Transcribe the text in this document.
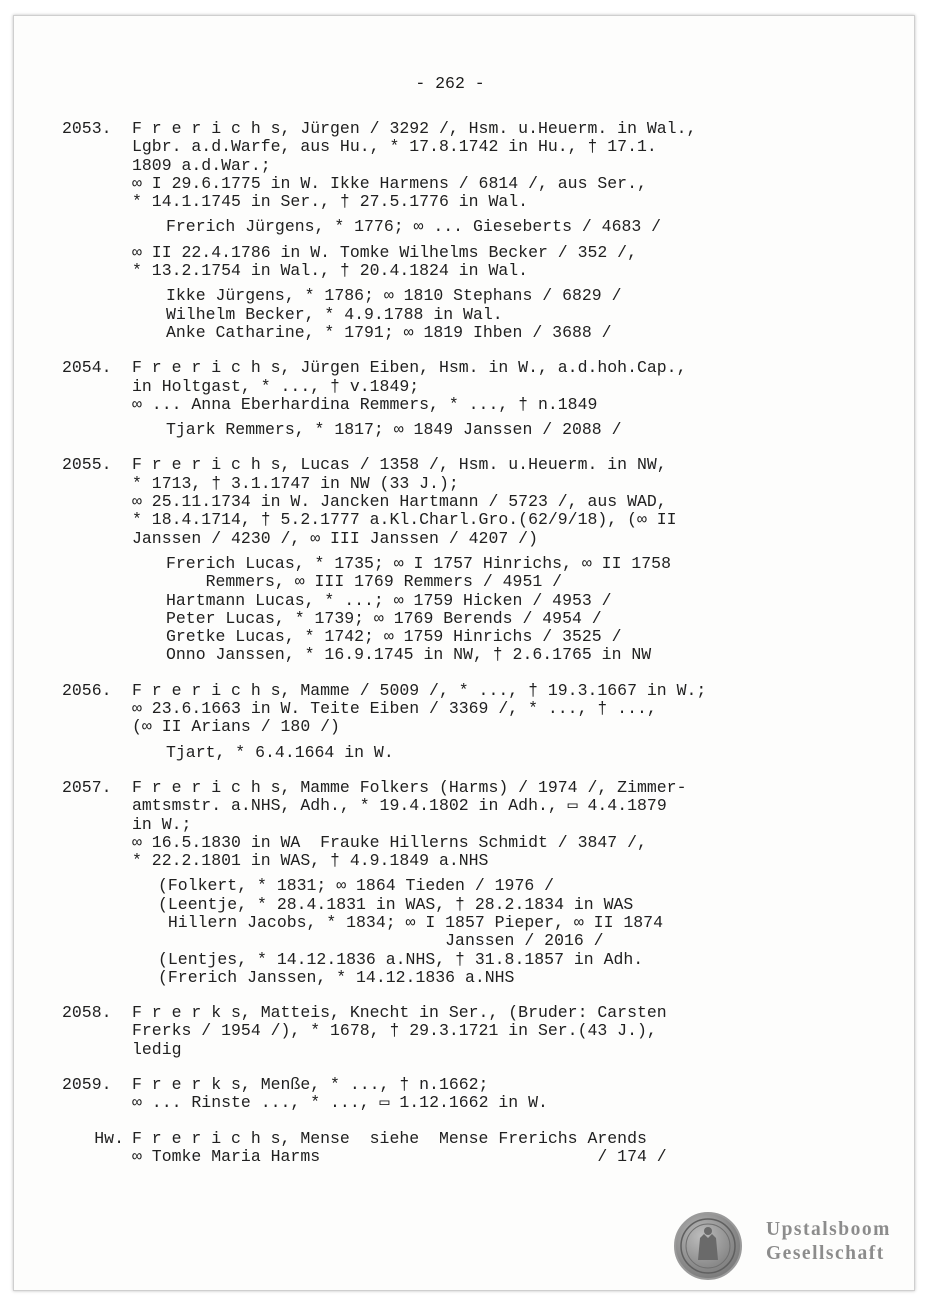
- 262 -
2053.	F r e r i c h s, Jürgen / 3292 /, Hsm. u.Heuerm. in Wal.,
Lgbr. a.d.Warfe, aus Hu., * 17.8.1742 in Hu., † 17.1.
1809 a.d.War.;
∞ I 29.6.1775 in W. Ikke Harmens / 6814 /, aus Ser.,
* 14.1.1745 in Ser., † 27.5.1776 in Wal.
Frerich Jürgens, * 1776; ∞ ... Gieseberts / 4683 /
∞ II 22.4.1786 in W. Tomke Wilhelms Becker / 352 /,
* 13.2.1754 in Wal., † 20.4.1824 in Wal.
Ikke Jürgens, * 1786; ∞ 1810 Stephans / 6829 /
Wilhelm Becker, * 4.9.1788 in Wal.
Anke Catharine, * 1791; ∞ 1819 Ihben / 3688 /
2054.	F r e r i c h s, Jürgen Eiben, Hsm. in W., a.d.hoh.Cap.,
in Holtgast, * ..., † v.1849;
∞ ... Anna Eberhardina Remmers, * ..., † n.1849
Tjark Remmers, * 1817; ∞ 1849 Janssen / 2088 /
2055.	F r e r i c h s, Lucas / 1358 /, Hsm. u.Heuerm. in NW,
* 1713, † 3.1.1747 in NW (33 J.);
∞ 25.11.1734 in W. Jancken Hartmann / 5723 /, aus WAD,
* 18.4.1714, † 5.2.1777 a.Kl.Charl.Gro.(62/9/18), (∞ II
Janssen / 4230 /, ∞ III Janssen / 4207 /)
Frerich Lucas, * 1735; ∞ I 1757 Hinrichs, ∞ II 1758
Remmers, ∞ III 1769 Remmers / 4951 /
Hartmann Lucas, * ...; ∞ 1759 Hicken / 4953 /
Peter Lucas, * 1739; ∞ 1769 Berends / 4954 /
Gretke Lucas, * 1742; ∞ 1759 Hinrichs / 3525 /
Onno Janssen, * 16.9.1745 in NW, † 2.6.1765 in NW
2056.	F r e r i c h s, Mamme / 5009 /, * ..., † 19.3.1667 in W.;
∞ 23.6.1663 in W. Teite Eiben / 3369 /, * ..., † ...,
(∞ II Arians / 180 /)
Tjart, * 6.4.1664 in W.
2057.	F r e r i c h s, Mamme Folkers (Harms) / 1974 /, Zimmer-
amtsmstr. a.NHS, Adh., * 19.4.1802 in Adh., ▭ 4.4.1879
in W.;
∞ 16.5.1830 in WA  Frauke Hillerns Schmidt / 3847 /,
* 22.2.1801 in WAS, † 4.9.1849 a.NHS
(Folkert, * 1831; ∞ 1864 Tieden / 1976 /
(Leentje, * 28.4.1831 in WAS, † 28.2.1834 in WAS
Hillern Jacobs, * 1834; ∞ I 1857 Pieper, ∞ II 1874
Janssen / 2016 /
(Lentjes, * 14.12.1836 a.NHS, † 31.8.1857 in Adh.
(Frerich Janssen, * 14.12.1836 a.NHS
2058.	F r e r k s, Matteis, Knecht in Ser., (Bruder: Carsten
Frerks / 1954 /), * 1678, † 29.3.1721 in Ser.(43 J.),
ledig
2059.	F r e r k s, Menße, * ..., † n.1662;
∞ ... Rinste ..., * ..., ▭ 1.12.1662 in W.
Hw. F r e r i c h s, Mense  siehe  Mense Frerichs Arends
∞ Tomke Maria Harms                            / 174 /
Upstalsboom
Gesellschaft
